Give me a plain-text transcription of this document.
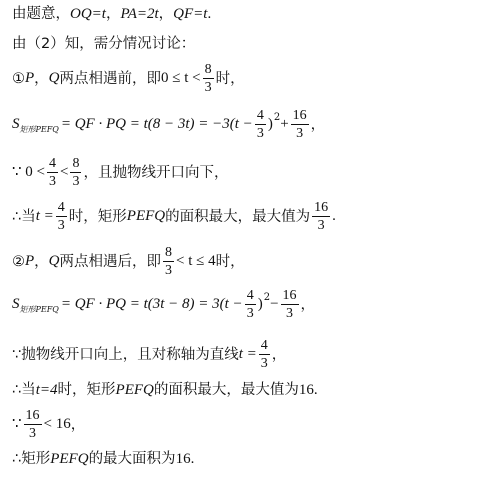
由题意， OQ=t ， PA=2t ， QF=t .
由（2）知，需分情况讨论：
① P ， Q 两点相遇前，即 $0 \le t < \frac{8}{3}$ 时，
S 矩形PEFQ = QF · PQ = $t(8 - 3t) = -3(t - \frac{4}{3}$ ) $2 + \frac{16}{3}$ ，
∵ $0 < \frac{4}{3} < \frac{8}{3}$ ，且抛物线开口向下，
∴当 $t = \frac{4}{3}$ 时，矩形 PEFQ 的面积最大，最大值为 $\frac{16}{3}$ .
② P ， Q 两点相遇后，即 $\frac{8}{3} < t \le 4$ 时，
S 矩形PEFQ = QF · PQ = $t(3t - 8) = 3(t - \frac{4}{3}$ ) $2 - \frac{16}{3}$ ，
∵抛物线开口向上，且对称轴为直线 $t = \frac{4}{3}$ ，
∴当 t=4 时，矩形 PEFQ 的面积最大，最大值为 16.
∵ $\frac{16}{3} < 16$ ，
∴矩形 PEFQ 的最大面积为 16.
